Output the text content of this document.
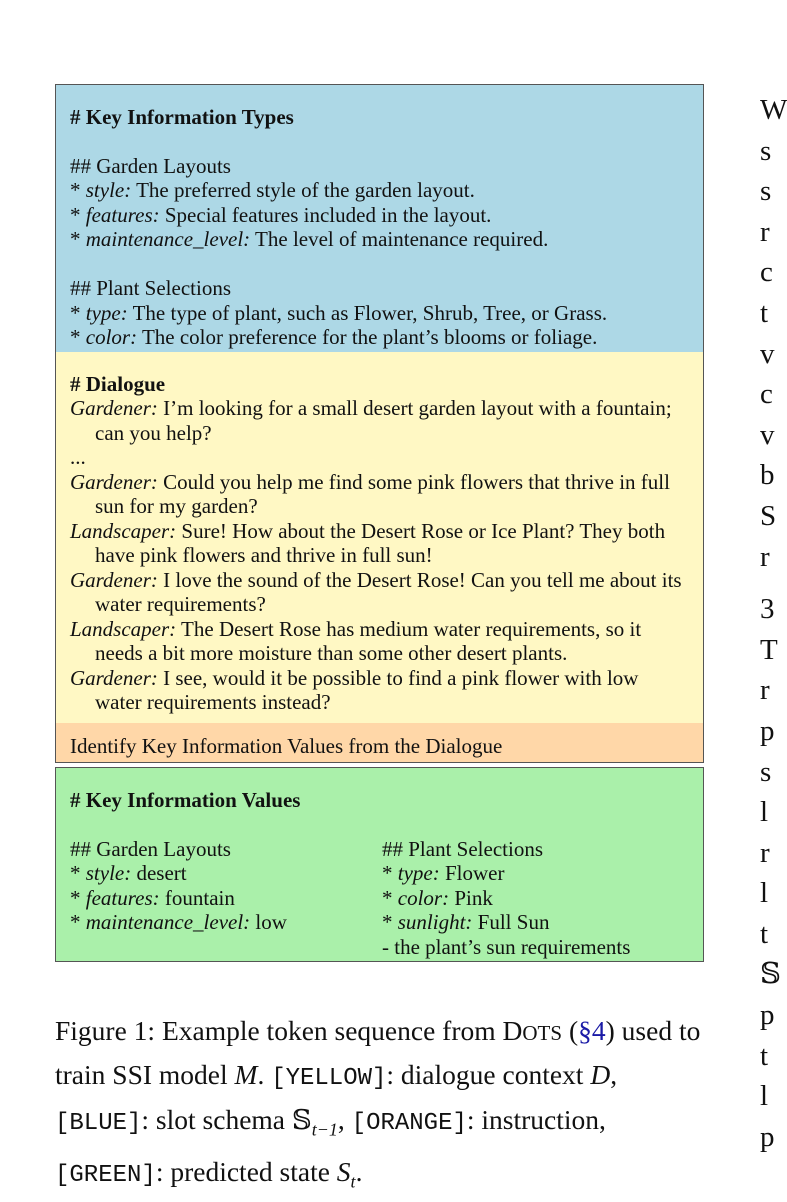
# Key Information Types
## Garden Layouts
* style: The preferred style of the garden layout.
* features: Special features included in the layout.
* maintenance_level: The level of maintenance required.
## Plant Selections
* type: The type of plant, such as Flower, Shrub, Tree, or Grass.
* color: The color preference for the plant’s blooms or foliage.
# Dialogue
Gardener: I’m looking for a small desert garden layout with a fountain; can you help?
...
Gardener: Could you help me find some pink flowers that thrive in full sun for my garden?
Landscaper: Sure! How about the Desert Rose or Ice Plant? They both have pink flowers and thrive in full sun!
Gardener: I love the sound of the Desert Rose! Can you tell me about its water requirements?
Landscaper: The Desert Rose has medium water requirements, so it needs a bit more moisture than some other desert plants.
Gardener: I see, would it be possible to find a pink flower with low water requirements instead?
Identify Key Information Values from the Dialogue
# Key Information Values
## Garden Layouts
* style: desert
* features: fountain
* maintenance_level: low
## Plant Selections
* type: Flower
* color: Pink
* sunlight: Full Sun
- the plant’s sun requirements
Figure 1: Example token sequence from DOTS (§4) used to train SSI model M. [YELLOW]: dialogue context D, [BLUE]: slot schema 𝕊$_{t-1}$, [ORANGE]: instruction, [GREEN]: predicted state $S_t$.
W
s
s
r
c
t
v
c
v
b
S
r
3
T
r
p
s
l
r
l
t
𝕊
p
t
l
p
